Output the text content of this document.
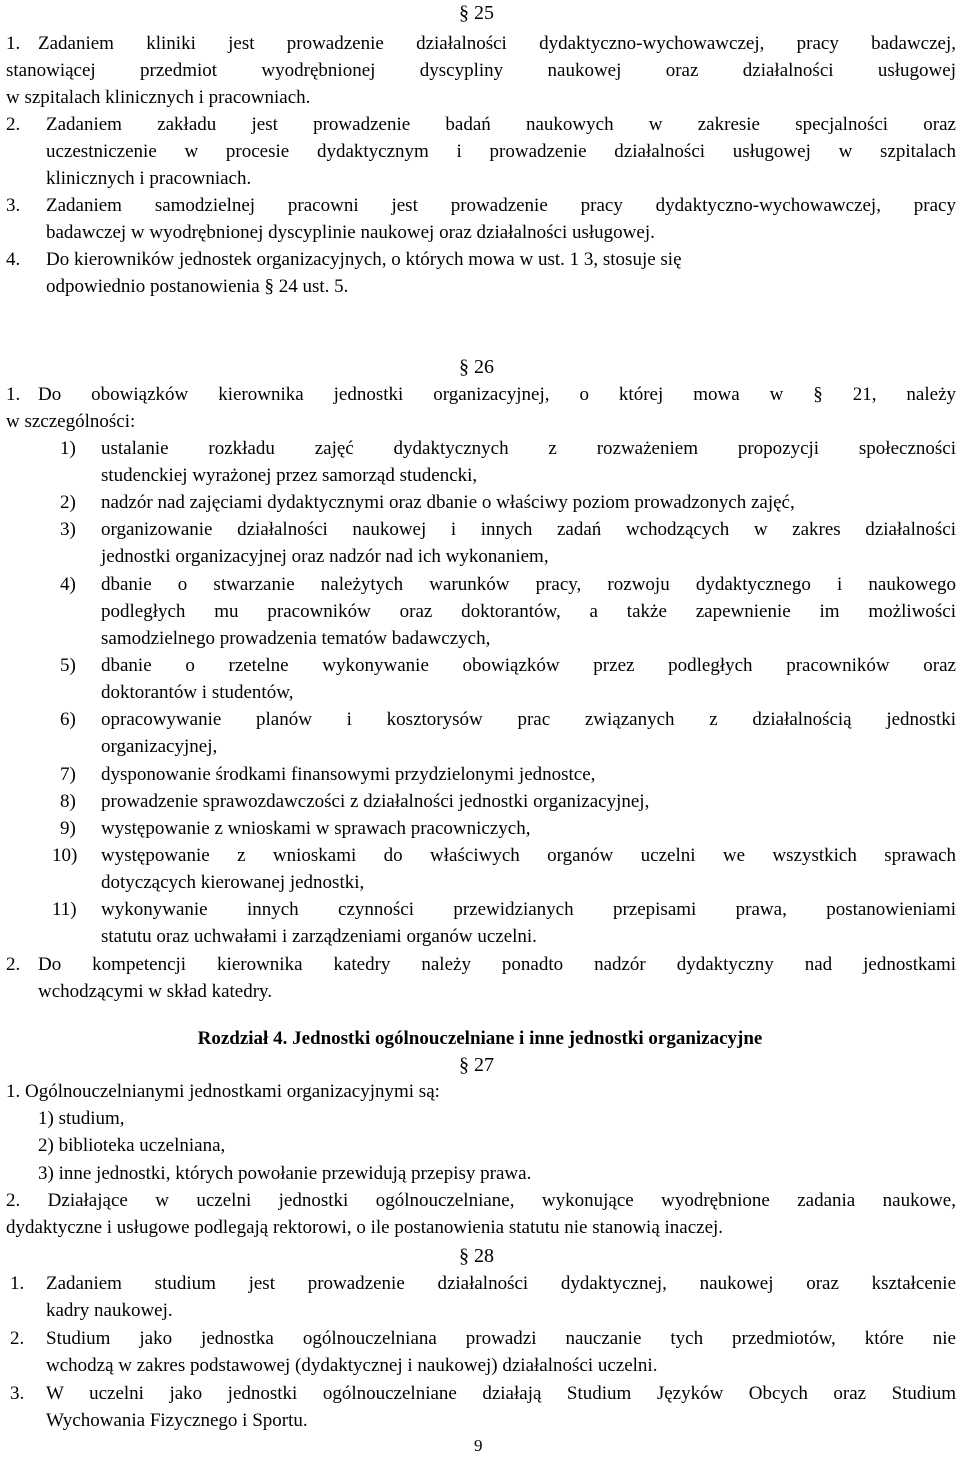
§ 25
1. Zadaniem kliniki jest prowadzenie działalności dydaktyczno-wychowawczej, pracy badawczej,
stanowiącej przedmiot wyodrębnionej dyscypliny naukowej oraz działalności usługowej
w szpitalach klinicznych i pracowniach.
2. Zadaniem zakładu jest prowadzenie badań naukowych w zakresie specjalności oraz
uczestniczenie w procesie dydaktycznym i prowadzenie działalności usługowej w szpitalach
klinicznych i pracowniach.
3. Zadaniem samodzielnej pracowni jest prowadzenie pracy dydaktyczno-wychowawczej, pracy
badawczej w wyodrębnionej dyscyplinie naukowej oraz działalności usługowej.
4. Do kierowników jednostek organizacyjnych, o których mowa w ust. 1 3, stosuje się
odpowiednio postanowienia § 24 ust. 5.
§ 26
1. Do obowiązków kierownika jednostki organizacyjnej, o której mowa w § 21, należy
w szczególności:
1) ustalanie rozkładu zajęć dydaktycznych z rozważeniem propozycji społeczności
studenckiej wyrażonej przez samorząd studencki,
2) nadzór nad zajęciami dydaktycznymi oraz dbanie o właściwy poziom prowadzonych zajęć,
3) organizowanie działalności naukowej i innych zadań wchodzących w zakres działalności
jednostki organizacyjnej oraz nadzór nad ich wykonaniem,
4) dbanie o stwarzanie należytych warunków pracy, rozwoju dydaktycznego i naukowego
podległych mu pracowników oraz doktorantów, a także zapewnienie im możliwości
samodzielnego prowadzenia tematów badawczych,
5) dbanie o rzetelne wykonywanie obowiązków przez podległych pracowników oraz
doktorantów i studentów,
6) opracowywanie planów i kosztorysów prac związanych z działalnością jednostki
organizacyjnej,
7) dysponowanie środkami finansowymi przydzielonymi jednostce,
8) prowadzenie sprawozdawczości z działalności jednostki organizacyjnej,
9) występowanie z wnioskami w sprawach pracowniczych,
10) występowanie z wnioskami do właściwych organów uczelni we wszystkich sprawach
dotyczących kierowanej jednostki,
11) wykonywanie innych czynności przewidzianych przepisami prawa, postanowieniami
statutu oraz uchwałami i zarządzeniami organów uczelni.
2. Do kompetencji kierownika katedry należy ponadto nadzór dydaktyczny nad jednostkami
wchodzącymi w skład katedry.
Rozdział 4. Jednostki ogólnouczelniane i inne jednostki organizacyjne
§ 27
1. Ogólnouczelnianymi jednostkami organizacyjnymi są:
1) studium,
2) biblioteka uczelniana,
3) inne jednostki, których powołanie przewidują przepisy prawa.
2. Działające w uczelni jednostki ogólnouczelniane, wykonujące wyodrębnione zadania naukowe,
dydaktyczne i usługowe podlegają rektorowi, o ile postanowienia statutu nie stanowią inaczej.
§ 28
1. Zadaniem studium jest prowadzenie działalności dydaktycznej, naukowej oraz kształcenie
kadry naukowej.
2. Studium jako jednostka ogólnouczelniana prowadzi nauczanie tych przedmiotów, które nie
wchodzą w zakres podstawowej (dydaktycznej i naukowej) działalności uczelni.
3. W uczelni jako jednostki ogólnouczelniane działają Studium Języków Obcych oraz Studium
Wychowania Fizycznego i Sportu.
9
